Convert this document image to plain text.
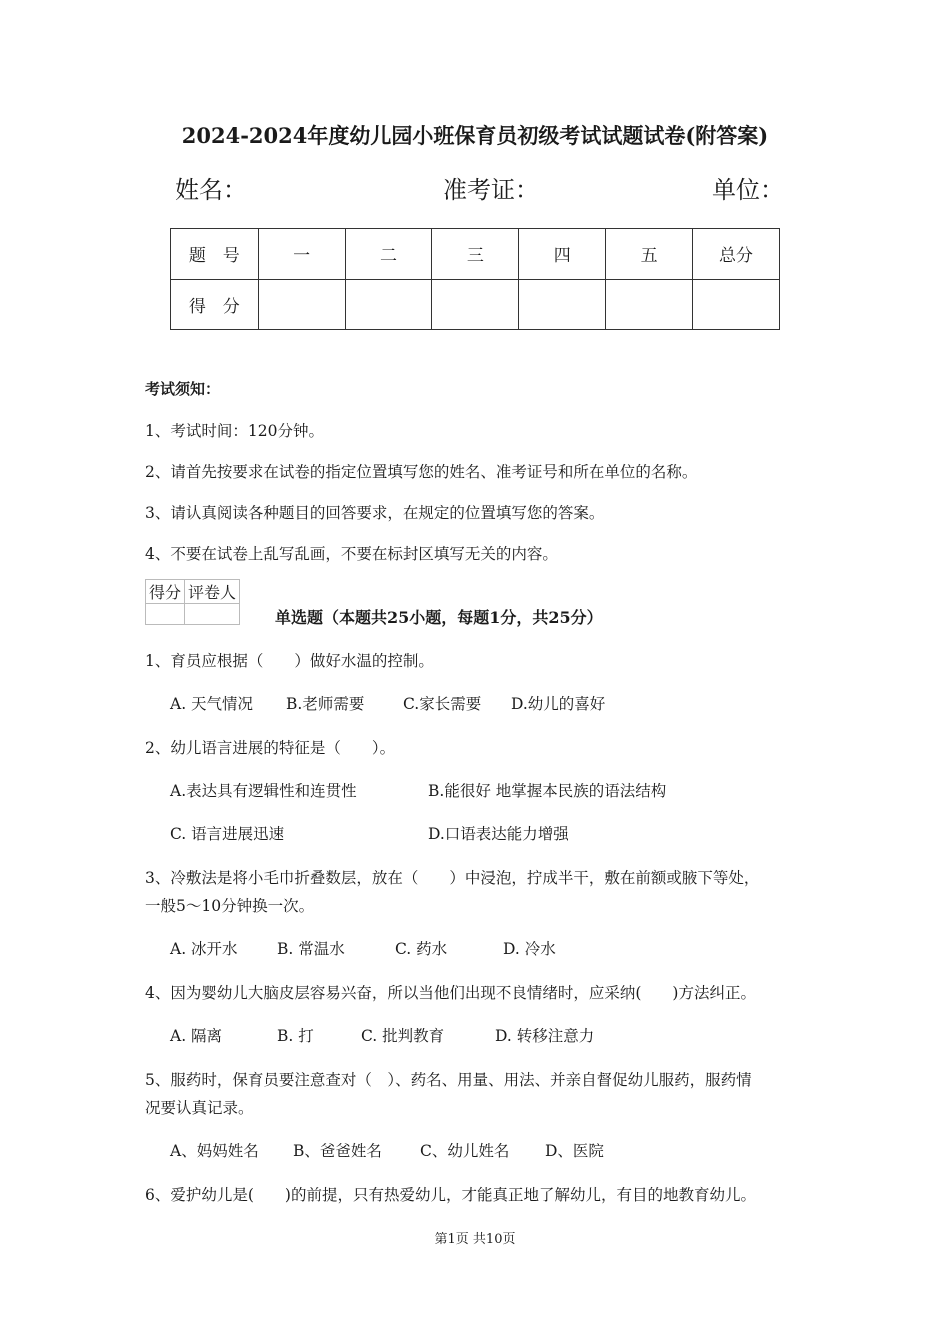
2024-2024年度幼儿园小班保育员初级考试试题试卷(附答案)
姓名：	准考证：	单位：
题　号	一	二	三	四	五	总分
得　分						
考试须知：
1、考试时间：120分钟。
2、请首先按要求在试卷的指定位置填写您的姓名、准考证号和所在单位的名称。
3、请认真阅读各种题目的回答要求，在规定的位置填写您的答案。
4、不要在试卷上乱写乱画，不要在标封区填写无关的内容。
得分	评卷人

单选题（本题共25小题，每题1分，共25分）
1、育员应根据（　　）做好水温的控制。
A. 天气情况 B.老师需要 C.家长需要 D.幼儿的喜好
2、幼儿语言进展的特征是（　　）。
A.表达具有逻辑性和连贯性	B.能很好 地掌握本民族的语法结构
C. 语言进展迅速	D.口语表达能力增强
3、冷敷法是将小毛巾折叠数层，放在（　　）中浸泡，拧成半干，敷在前额或腋下等处，
一般5～10分钟换一次。
A. 冰开水	B. 常温水	C. 药水	D. 冷水
4、因为婴幼儿大脑皮层容易兴奋，所以当他们出现不良情绪时，应采纳(　　)方法纠正。
A. 隔离	B. 打	C. 批判教育	D. 转移注意力
5、服药时，保育员要注意查对（　）、药名、用量、用法、并亲自督促幼儿服药，服药情
况要认真记录。
A、妈妈姓名 B、爸爸姓名 C、幼儿姓名 D、医院
6、爱护幼儿是(　　)的前提，只有热爱幼儿，才能真正地了解幼儿，有目的地教育幼儿。
第1页 共10页
